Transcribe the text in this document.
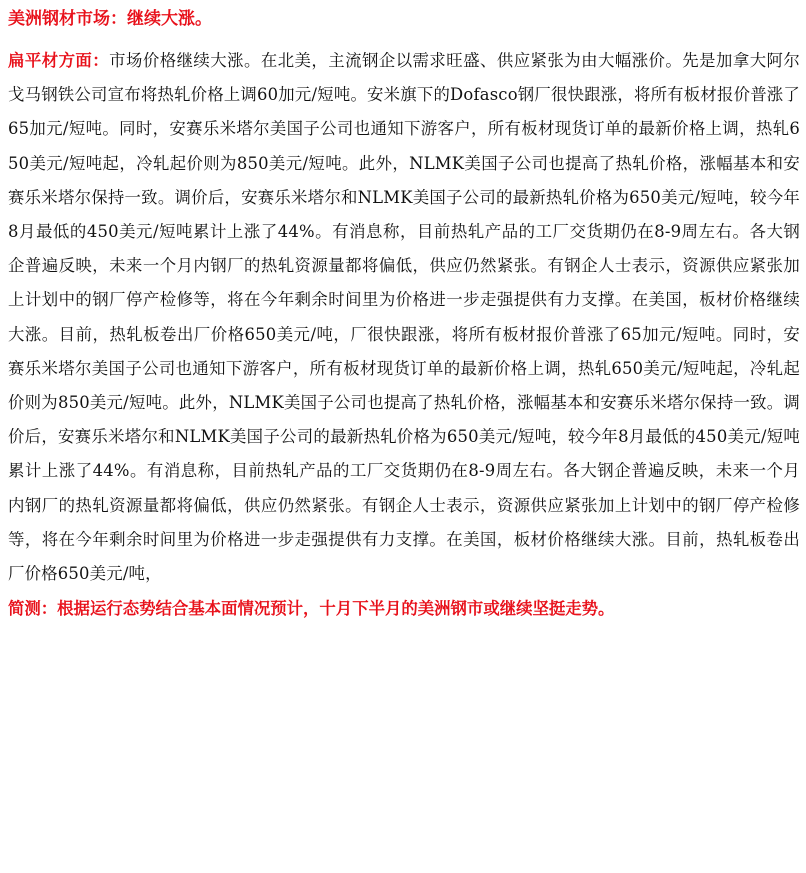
美洲钢材市场：继续大涨。

扁平材方面：市场价格继续大涨。在北美，主流钢企以需求旺盛、供应紧张为由大幅涨价。先是加拿大阿尔戈马钢铁公司宣布将热轧价格上调60加元/短吨。安米旗下的Dofasco钢厂很快跟涨，将所有板材报价普涨了65加元/短吨。同时，安赛乐米塔尔美国子公司也通知下游客户，所有板材现货订单的最新价格上调，热轧650美元/短吨起，冷轧起价则为850美元/短吨。此外，NLMK美国子公司也提高了热轧价格，涨幅基本和安赛乐米塔尔保持一致。调价后，安赛乐米塔尔和NLMK美国子公司的最新热轧价格为650美元/短吨，较今年8月最低的450美元/短吨累计上涨了44%。有消息称，目前热轧产品的工厂交货期仍在8-9周左右。各大钢企普遍反映，未来一个月内钢厂的热轧资源量都将偏低，供应仍然紧张。有钢企人士表示，资源供应紧张加上计划中的钢厂停产检修等，将在今年剩余时间里为价格进一步走强提供有力支撑。在美国，板材价格继续大涨。目前，热轧板卷出厂价格650美元/吨，厂很快跟涨，将所有板材报价普涨了65加元/短吨。同时，安赛乐米塔尔美国子公司也通知下游客户，所有板材现货订单的最新价格上调，热轧650美元/短吨起，冷轧起价则为850美元/短吨。此外，NLMK美国子公司也提高了热轧价格，涨幅基本和安赛乐米塔尔保持一致。调价后，安赛乐米塔尔和NLMK美国子公司的最新热轧价格为650美元/短吨，较今年8月最低的450美元/短吨累计上涨了44%。有消息称，目前热轧产品的工厂交货期仍在8-9周左右。各大钢企普遍反映，未来一个月内钢厂的热轧资源量都将偏低，供应仍然紧张。有钢企人士表示，资源供应紧张加上计划中的钢厂停产检修等，将在今年剩余时间里为价格进一步走强提供有力支撑。在美国，板材价格继续大涨。目前，热轧板卷出厂价格650美元/吨，

简测：根据运行态势结合基本面情况预计，十月下半月的美洲钢市或继续坚挺走势。
